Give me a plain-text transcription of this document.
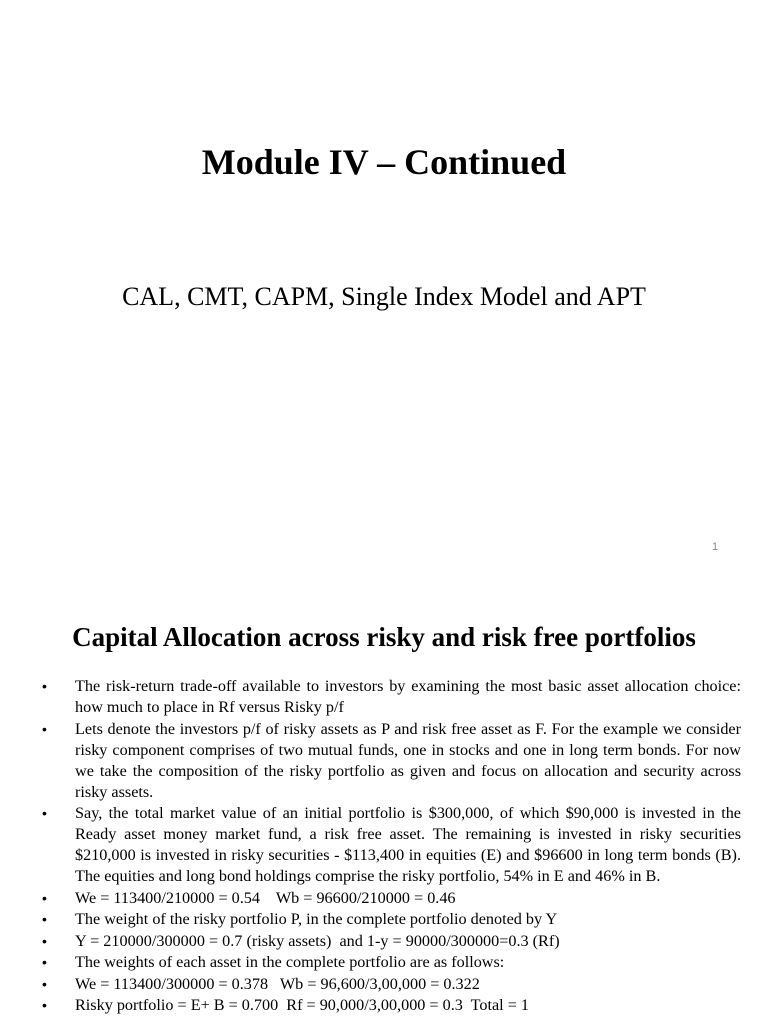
Module IV – Continued
CAL, CMT, CAPM, Single Index Model and APT
1
Capital Allocation across risky and risk free portfolios
•	The risk-return trade-off available to investors by examining the most basic asset allocation choice: how much to place in Rf versus Risky p/f
•	Lets denote the investors p/f of risky assets as P and risk free asset as F. For the example we consider risky component comprises of two mutual funds, one in stocks and one in long term bonds. For now we take the composition of the risky portfolio as given and focus on allocation and security across risky assets.
•	Say, the total market value of an initial portfolio is $300,000, of which $90,000 is invested in the Ready asset money market fund, a risk free asset. The remaining is invested in risky securities $210,000 is invested in risky securities - $113,400 in equities (E) and $96600 in long term bonds (B). The equities and long bond holdings comprise the risky portfolio, 54% in E and 46% in B.
•	We = 113400/210000 = 0.54    Wb = 96600/210000 = 0.46
•	The weight of the risky portfolio P, in the complete portfolio denoted by Y
•	Y = 210000/300000 = 0.7 (risky assets)  and 1-y = 90000/300000=0.3 (Rf)
•	The weights of each asset in the complete portfolio are as follows:
•	We = 113400/300000 = 0.378   Wb = 96,600/3,00,000 = 0.322
•	Risky portfolio = E+ B = 0.700  Rf = 90,000/3,00,000 = 0.3  Total = 1
